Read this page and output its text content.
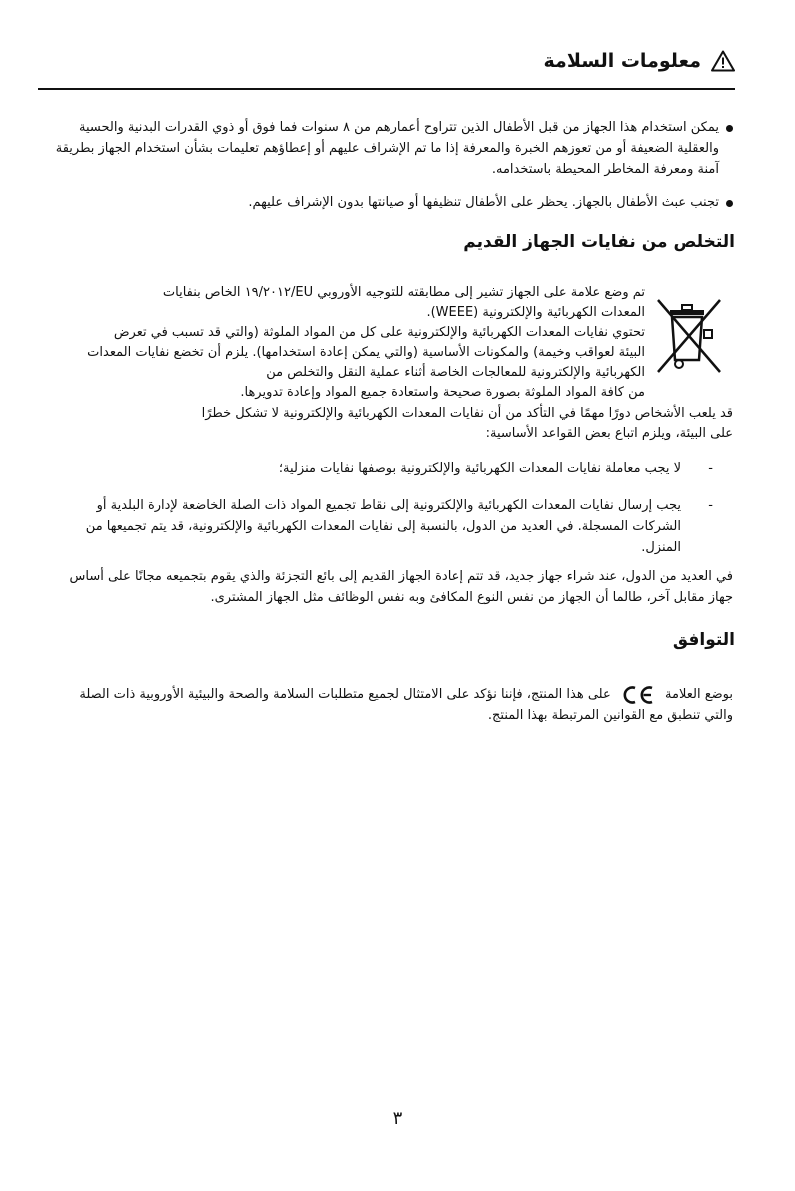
معلومات السلامة
يمكن استخدام هذا الجهاز من قبل الأطفال الذين تتراوح أعمارهم من ٨ سنوات فما فوق أو ذوي القدرات البدنية والحسية والعقلية الضعيفة أو من تعوزهم الخبرة والمعرفة إذا ما تم الإشراف عليهم أو إعطاؤهم تعليمات بشأن استخدام الجهاز بطريقة آمنة ومعرفة المخاطر المحيطة باستخدامه.
تجنب عبث الأطفال بالجهاز. يحظر على الأطفال تنظيفها أو صيانتها بدون الإشراف عليهم.
التخلص من نفايات الجهاز القديم
تم وضع علامة على الجهاز تشير إلى مطابقته للتوجيه الأوروبي EU/١٩/٢٠١٢ الخاص بنفايات
المعدات الكهربائية والإلكترونية (WEEE).
تحتوي نفايات المعدات الكهربائية والإلكترونية على كل من المواد الملوثة (والتي قد تسبب في تعرض
البيئة لعواقب وخيمة) والمكونات الأساسية (والتي يمكن إعادة استخدامها). يلزم أن تخضع نفايات المعدات
الكهربائية والإلكترونية للمعالجات الخاصة أثناء عملية النقل والتخلص من
من كافة المواد الملوثة بصورة صحيحة واستعادة جميع المواد وإعادة تدويرها.
قد يلعب الأشخاص دورًا مهمًا في التأكد من أن نفايات المعدات الكهربائية والإلكترونية لا تشكل خطرًا
على البيئة، ويلزم اتباع بعض القواعد الأساسية:
- لا يجب معاملة نفايات المعدات الكهربائية والإلكترونية بوصفها نفايات منزلية؛
- يجب إرسال نفايات المعدات الكهربائية والإلكترونية إلى نقاط تجميع المواد ذات الصلة الخاضعة لإدارة البلدية أو الشركات المسجلة. في العديد من الدول، بالنسبة إلى نفايات المعدات الكهربائية والإلكترونية، قد يتم تجميعها من المنزل.
في العديد من الدول، عند شراء جهاز جديد، قد تتم إعادة الجهاز القديم إلى بائع التجزئة والذي يقوم بتجميعه مجانًا على أساس جهاز مقابل آخر، طالما أن الجهاز من نفس النوع المكافئ وبه نفس الوظائف مثل الجهاز المشترى.
التوافق
بوضع العلامة  على هذا المنتج، فإننا نؤكد على الامتثال لجميع متطلبات السلامة والصحة والبيئية الأوروبية ذات الصلة والتي تنطبق مع القوانين المرتبطة بهذا المنتج.
٣
